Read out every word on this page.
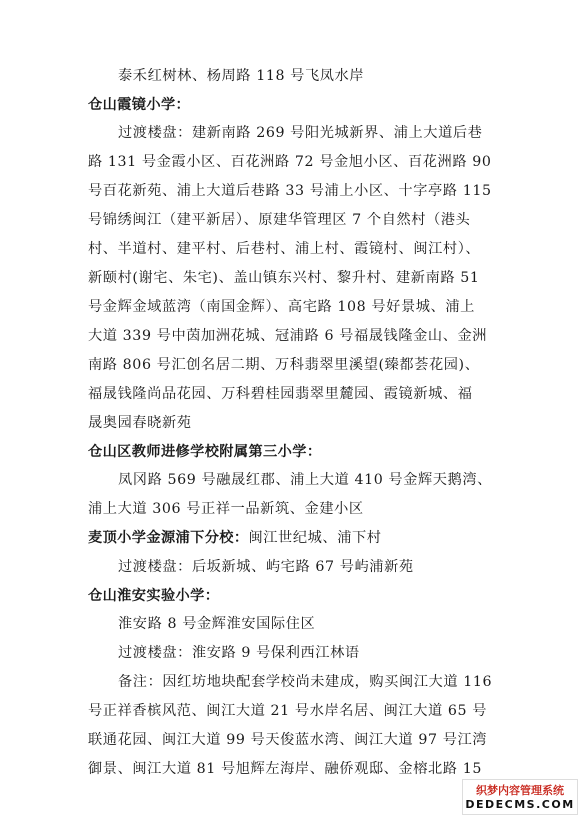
泰禾红树林、杨周路 118 号飞凤水岸
仓山霞镜小学：
过渡楼盘：建新南路 269 号阳光城新界、浦上大道后巷
路 131 号金霞小区、百花洲路 72 号金旭小区、百花洲路 90
号百花新苑、浦上大道后巷路 33 号浦上小区、十字亭路 115
号锦绣闽江（建平新居）、原建华管理区 7 个自然村（港头
村、半道村、建平村、后巷村、浦上村、霞镜村、闽江村）、
新颐村(谢宅、朱宅)、盖山镇东兴村、黎升村、建新南路 51
号金辉金域蓝湾（南国金辉）、高宅路 108 号好景城、浦上
大道 339 号中茵加洲花城、冠浦路 6 号福晟钱隆金山、金洲
南路 806 号汇创名居二期、万科翡翠里溪望(臻都荟花园)、
福晟钱隆尚品花园、万科碧桂园翡翠里麓园、霞镜新城、福
晟奥园春晓新苑
仓山区教师进修学校附属第三小学：
凤冈路 569 号融晟红郡、浦上大道 410 号金辉天鹅湾、
浦上大道 306 号正祥一品新筑、金建小区
麦顶小学金源浦下分校：闽江世纪城、浦下村
过渡楼盘：后坂新城、屿宅路 67 号屿浦新苑
仓山淮安实验小学：
淮安路 8 号金辉淮安国际住区
过渡楼盘：淮安路 9 号保利西江林语
备注：因红坊地块配套学校尚未建成，购买闽江大道 116
号正祥香槟风范、闽江大道 21 号水岸名居、闽江大道 65 号
联通花园、闽江大道 99 号天俊蓝水湾、闽江大道 97 号江湾
御景、闽江大道 81 号旭辉左海岸、融侨观邸、金榕北路 15
织梦内容管理系统
DEDECMS.COM
